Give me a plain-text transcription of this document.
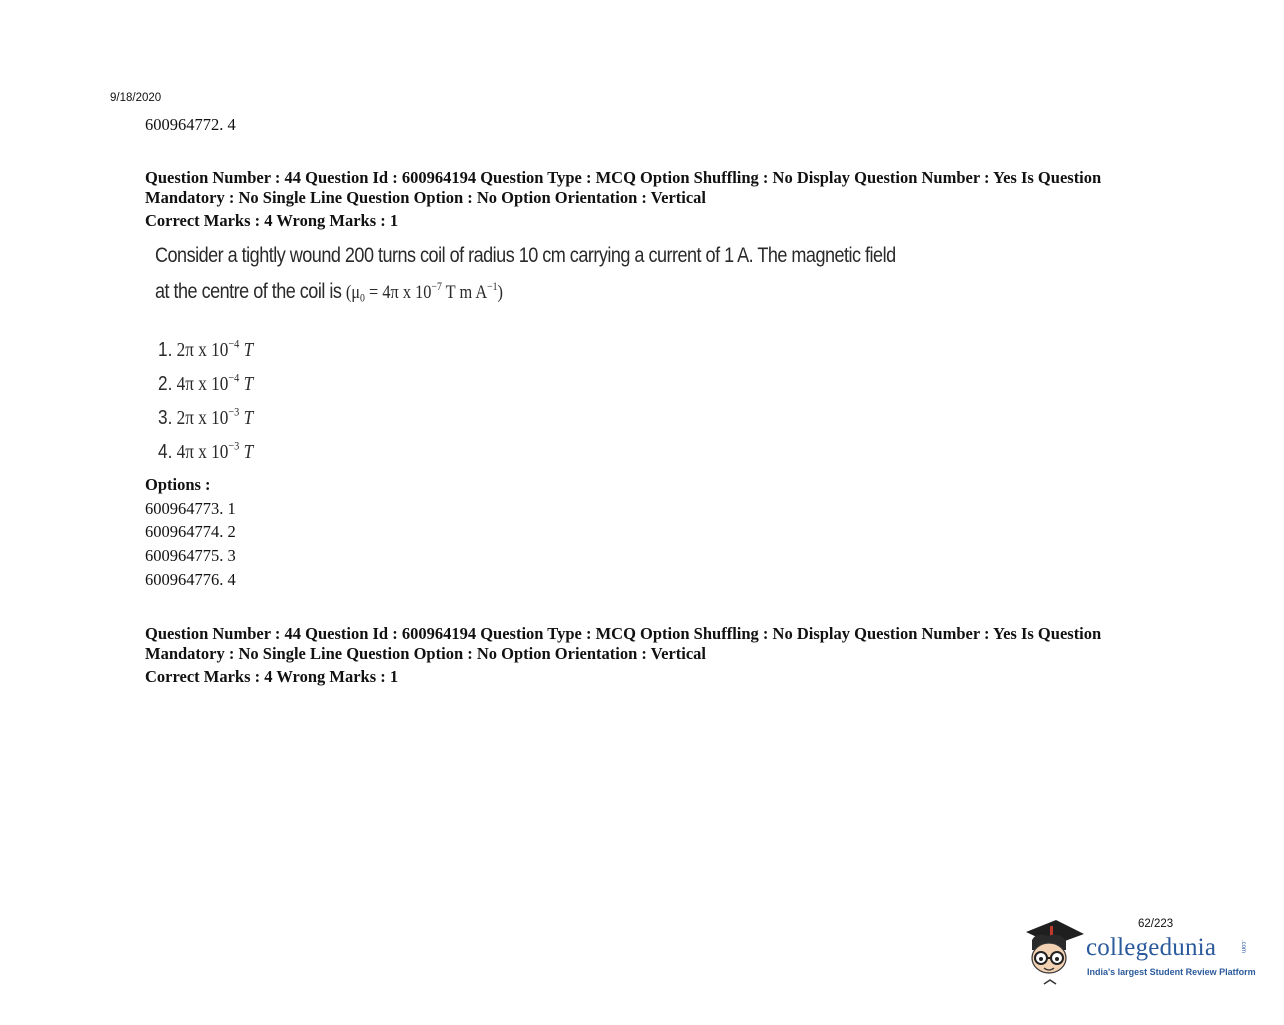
9/18/2020
600964772. 4
Question Number : 44 Question Id : 600964194 Question Type : MCQ Option Shuffling : No Display Question Number : Yes Is Question
Mandatory : No Single Line Question Option : No Option Orientation : Vertical
Correct Marks : 4 Wrong Marks : 1
Consider a tightly wound 200 turns coil of radius 10 cm carrying a current of 1 A. The magnetic field
at the centre of the coil is ($\mu_0 = 4\pi$ x $10^{-7}$ T m $A^{-1}$)
1. 2π x $10^{-4}$ T
2. 4π x $10^{-4}$ T
3. 2π x $10^{-3}$ T
4. 4π x $10^{-3}$ T
Options :
600964773. 1
600964774. 2
600964775. 3
600964776. 4
Question Number : 44 Question Id : 600964194 Question Type : MCQ Option Shuffling : No Display Question Number : Yes Is Question
Mandatory : No Single Line Question Option : No Option Orientation : Vertical
Correct Marks : 4 Wrong Marks : 1
62/223
collegedunia	.com
India's largest Student Review Platform
